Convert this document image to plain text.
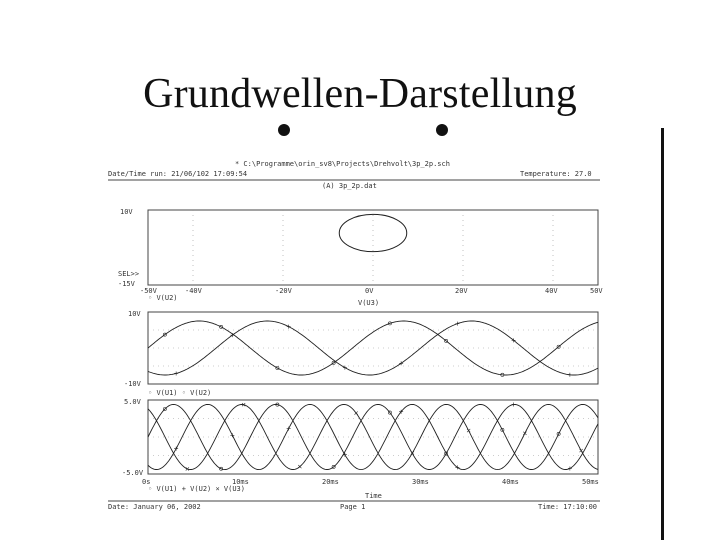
Grundwellen-Darstellung
* C:\Programme\orin_sv8\Projects\Drehvolt\3p_2p.sch
Date/Time run: 21/06/102 17:09:54	Temperature: 27.0
(A) 3p_2p.dat
10V
SEL>>
-15V
-50V	-40V	-20V	0V	20V	40V	50V
◦ V(U2)
V(U3)
10V
-10V
◦ V(U1) ◦ V(U2)
5.0V
-5.0V
0s	10ms	20ms	30ms	40ms	50ms
◦ V(U1) + V(U2) × V(U3)
Time
Date: January 06, 2002	Page 1	Time: 17:10:00
